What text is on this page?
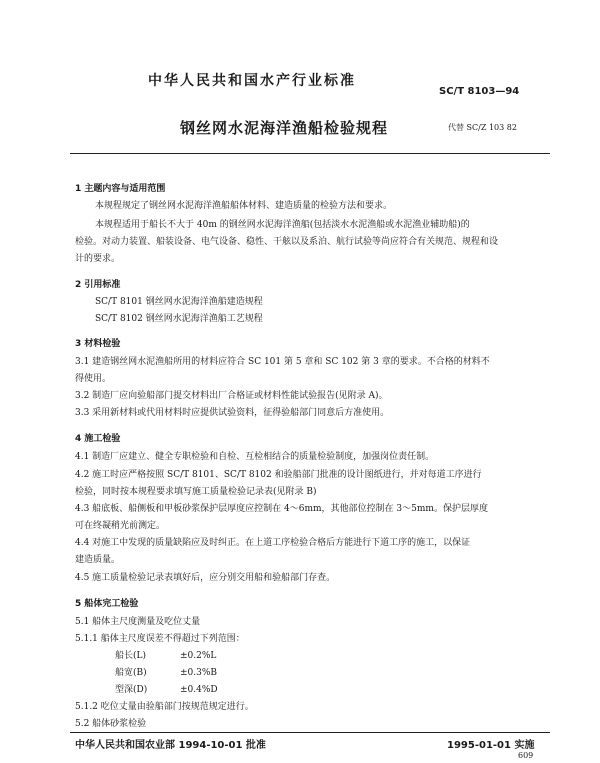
中华人民共和国水产行业标准
SC/T 8103—94
钢丝网水泥海洋渔船检验规程	代替 SC/Z 103 82
1 主题内容与适用范围
本规程规定了钢丝网水泥海洋渔船船体材料、建造质量的检验方法和要求。
本规程适用于船长不大于 40m 的钢丝网水泥海洋渔船(包括淡水水泥渔船或水泥渔业辅助船)的
检验。对动力装置、船装设备、电气设备、稳性、干舷以及系泊、航行试验等尚应符合有关规范、规程和设
计的要求。
2 引用标准
SC/T 8101 钢丝网水泥海洋渔船建造规程
SC/T 8102 钢丝网水泥海洋渔船工艺规程
3 材料检验
3.1 建造钢丝网水泥渔船所用的材料应符合 SC 101 第 5 章和 SC 102 第 3 章的要求。不合格的材料不
得使用。
3.2 制造厂应向验船部门提交材料出厂合格证或材料性能试验报告(见附录 A)。
3.3 采用新材料或代用材料时应提供试验资料，征得验船部门同意后方准使用。
4 施工检验
4.1 制造厂应建立、健全专职检验和自检、互检相结合的质量检验制度，加强岗位责任制。
4.2 施工时应严格按照 SC/T 8101、SC/T 8102 和验船部门批准的设计图纸进行，并对每道工序进行
检验，同时按本规程要求填写施工质量检验记录表(见附录 B)
4.3 船底板、船侧板和甲板砂浆保护层厚度应控制在 4～6mm，其他部位控制在 3～5mm。保护层厚度
可在终凝稍光前测定。
4.4 对施工中发现的质量缺陷应及时纠正。在上道工序检验合格后方能进行下道工序的施工，以保证
建造质量。
4.5 施工质量检验记录表填好后，应分别交用船和验船部门存查。
5 船体完工检验
5.1 船体主尺度测量及吃位丈量
5.1.1 船体主尺度误差不得超过下列范围：
船长(L)	±0.2%L
船宽(B)	±0.3%B
型深(D)	±0.4%D
5.1.2 吃位丈量由验船部门按规范规定进行。
5.2 船体砂浆检验
中华人民共和国农业部 1994-10-01 批准	1995-01-01 实施
609
